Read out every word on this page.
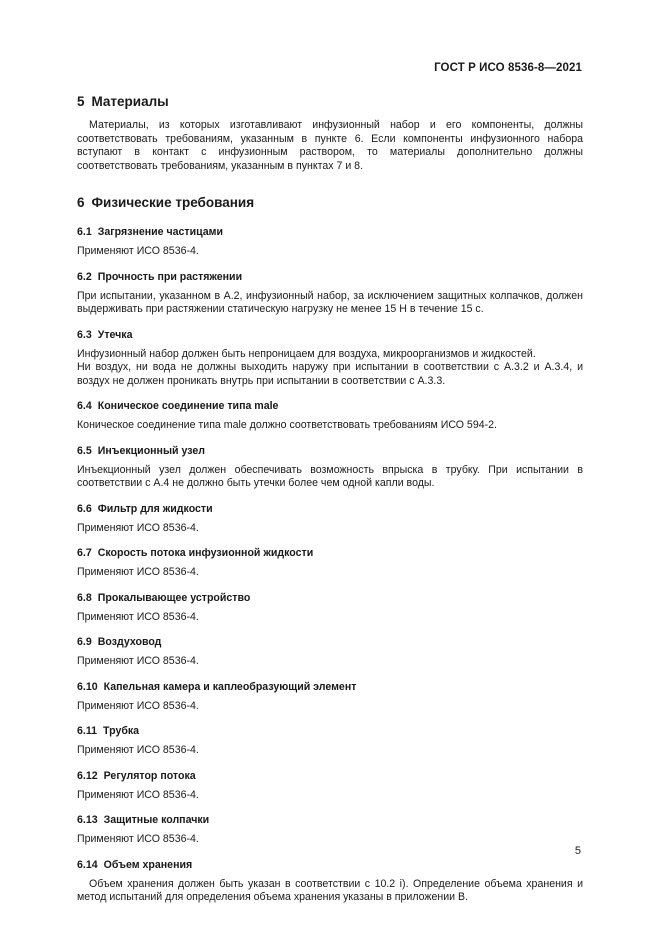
ГОСТ Р ИСО 8536-8—2021
5 Материалы

Материалы, из которых изготавливают инфузионный набор и его компоненты, должны соответствовать требованиям, указанным в пункте 6. Если компоненты инфузионного набора вступают в контакт с инфузионным раствором, то материалы дополнительно должны соответствовать требованиям, указанным в пунктах 7 и 8.

6 Физические требования
6.1 Загрязнение частицами

Применяют ИСО 8536-4.

6.2 Прочность при растяжении

При испытании, указанном в А.2, инфузионный набор, за исключением защитных колпачков, должен выдерживать при растяжении статическую нагрузку не менее 15 Н в течение 15 с.

6.3 Утечка

Инфузионный набор должен быть непроницаем для воздуха, микроорганизмов и жидкостей.

Ни воздух, ни вода не должны выходить наружу при испытании в соответствии с А.3.2 и А.3.4, и воздух не должен проникать внутрь при испытании в соответствии с А.3.3.

6.4 Коническое соединение типа male

Коническое соединение типа male должно соответствовать требованиям ИСО 594-2.

6.5 Инъекционный узел

Инъекционный узел должен обеспечивать возможность впрыска в трубку. При испытании в соответствии с А.4 не должно быть утечки более чем одной капли воды.

6.6 Фильтр для жидкости

Применяют ИСО 8536-4.

6.7 Скорость потока инфузионной жидкости

Применяют ИСО 8536-4.

6.8 Прокалывающее устройство

Применяют ИСО 8536-4.

6.9 Воздуховод

Применяют ИСО 8536-4.

6.10 Капельная камера и каплеобразующий элемент

Применяют ИСО 8536-4.

6.11 Трубка

Применяют ИСО 8536-4.

6.12 Регулятор потока

Применяют ИСО 8536-4.

6.13 Защитные колпачки

Применяют ИСО 8536-4.

6.14 Объем хранения

Объем хранения должен быть указан в соответствии с 10.2 i). Определение объема хранения и метод испытаний для определения объема хранения указаны в приложении В.

5
